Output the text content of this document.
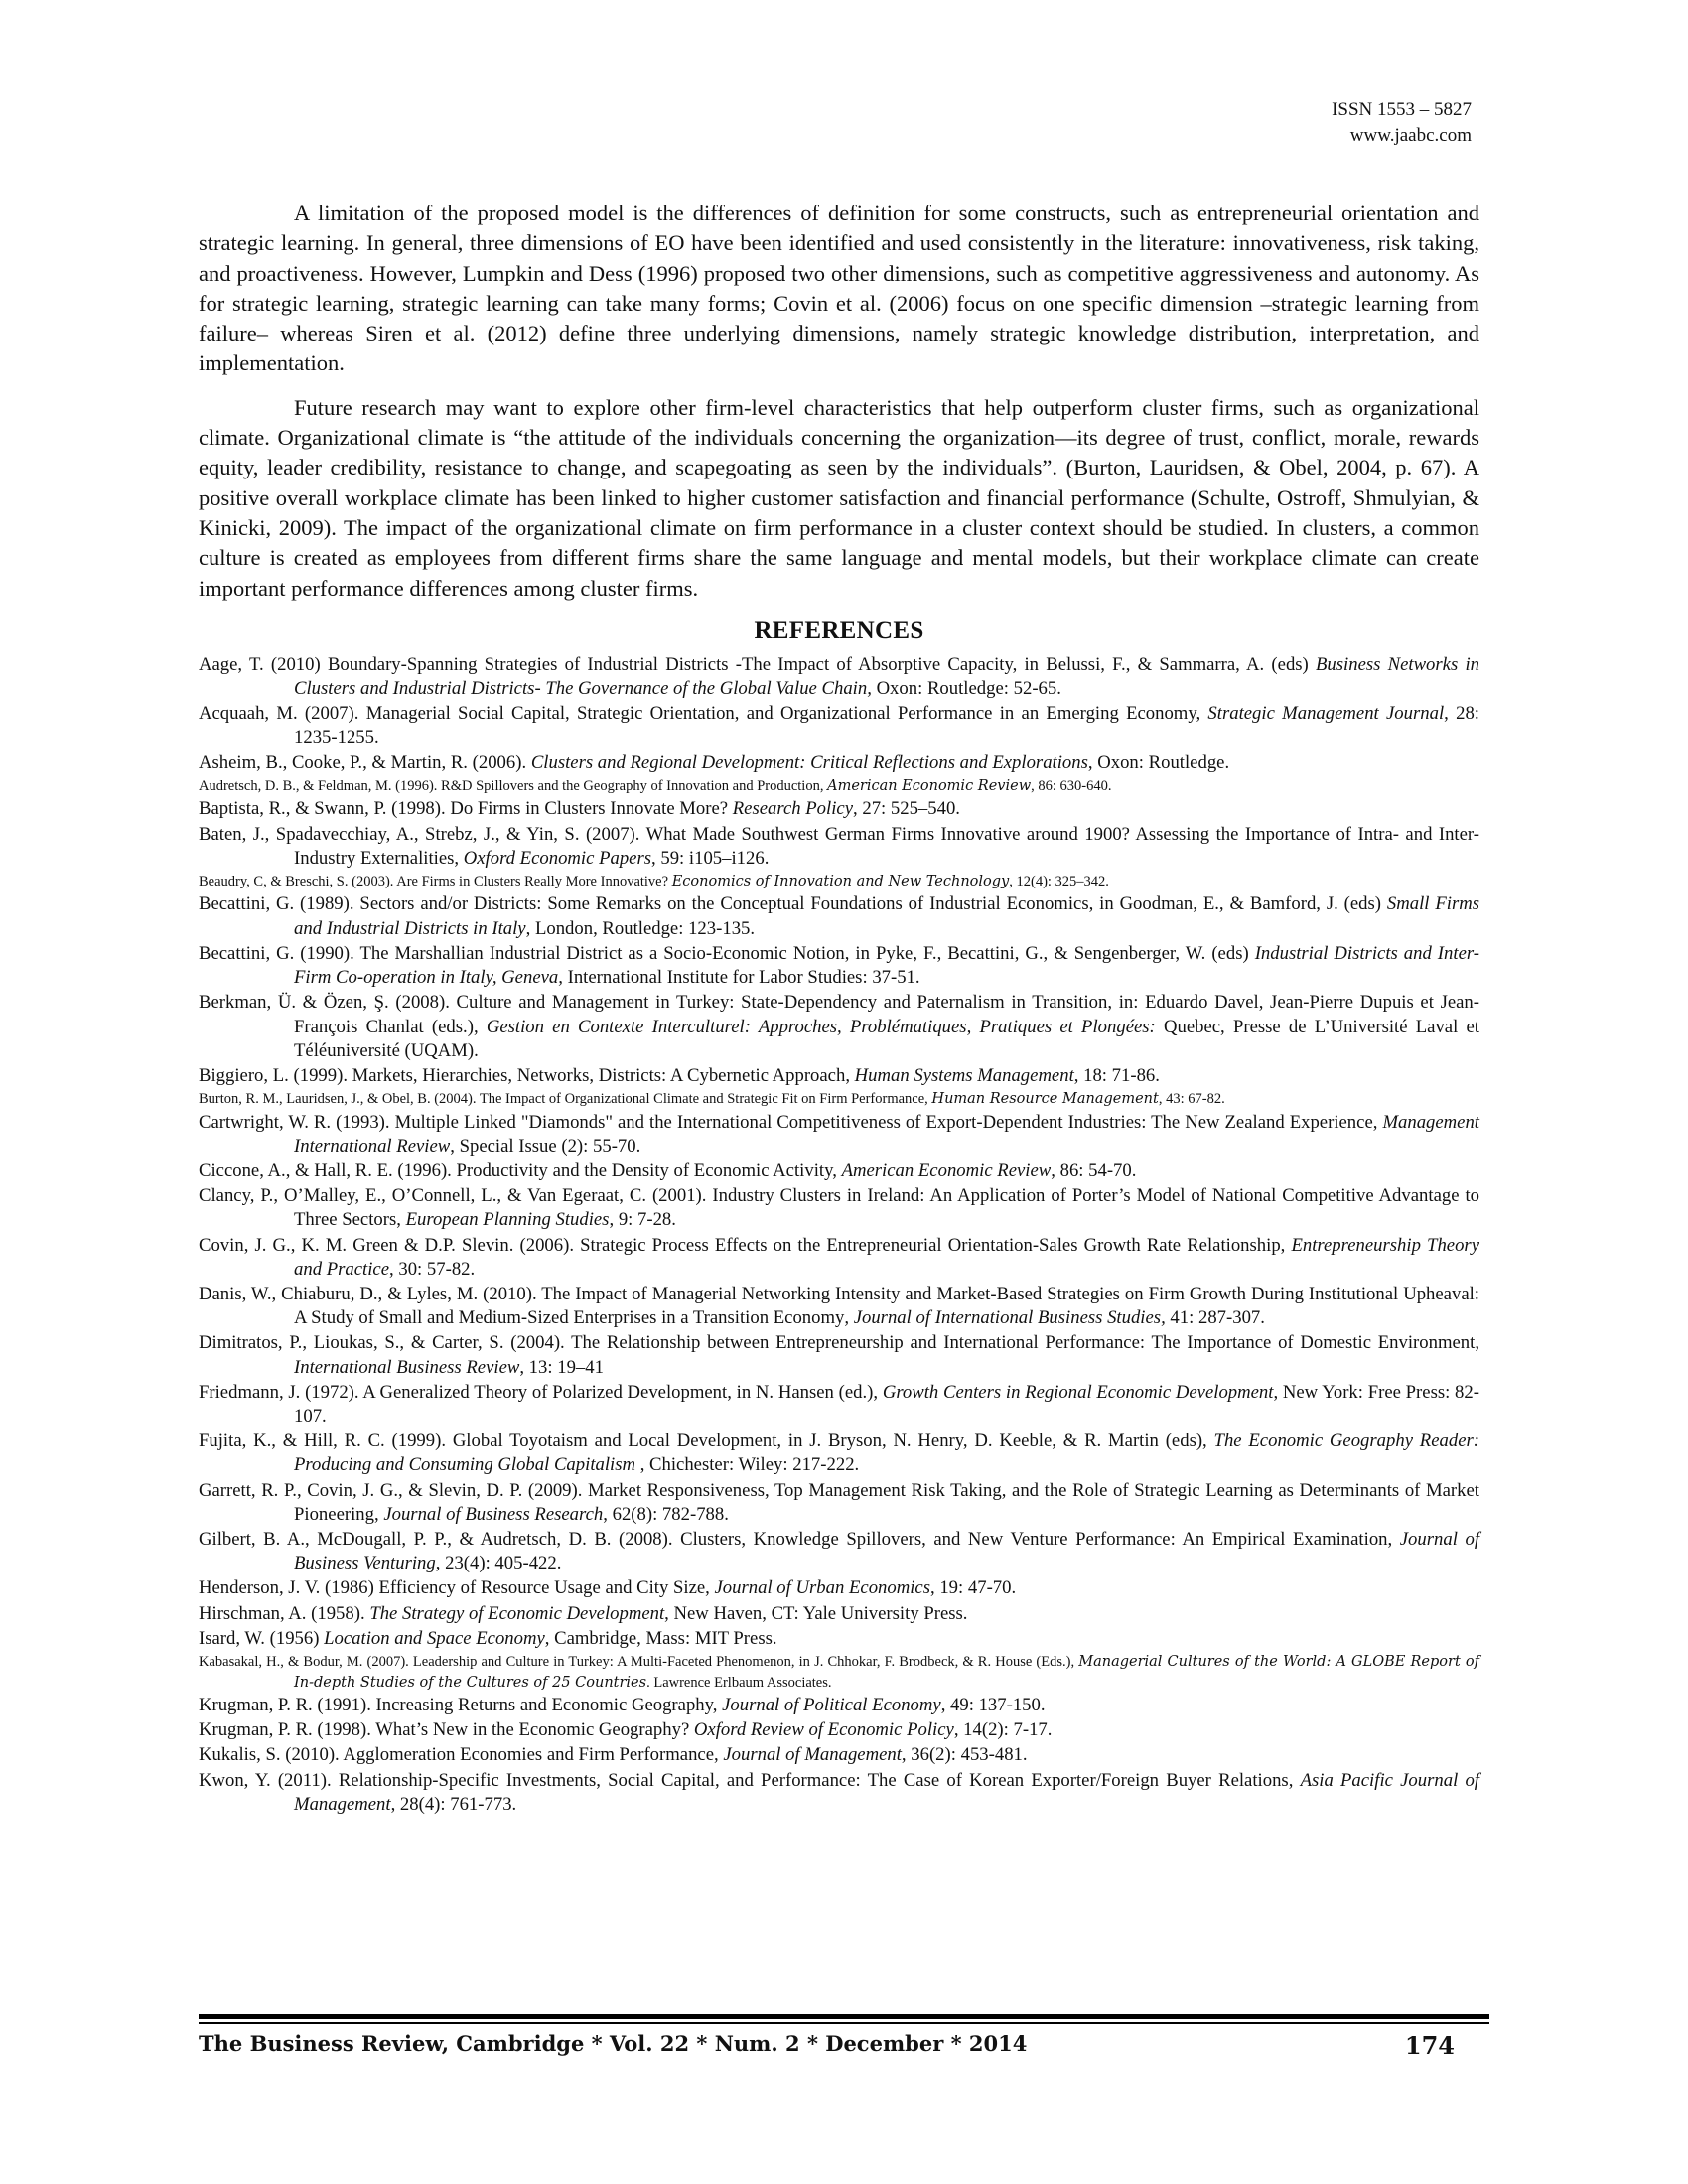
ISSN 1553 – 5827
www.jaabc.com

A limitation of the proposed model is the differences of definition for some constructs, such as entrepreneurial orientation and strategic learning. In general, three dimensions of EO have been identified and used consistently in the literature: innovativeness, risk taking, and proactiveness. However, Lumpkin and Dess (1996) proposed two other dimensions, such as competitive aggressiveness and autonomy. As for strategic learning, strategic learning can take many forms; Covin et al. (2006) focus on one specific dimension –strategic learning from failure– whereas Siren et al. (2012) define three underlying dimensions, namely strategic knowledge distribution, interpretation, and implementation.

Future research may want to explore other firm-level characteristics that help outperform cluster firms, such as organizational climate. Organizational climate is “the attitude of the individuals concerning the organization—its degree of trust, conflict, morale, rewards equity, leader credibility, resistance to change, and scapegoating as seen by the individuals”. (Burton, Lauridsen, & Obel, 2004, p. 67). A positive overall workplace climate has been linked to higher customer satisfaction and financial performance (Schulte, Ostroff, Shmulyian, & Kinicki, 2009). The impact of the organizational climate on firm performance in a cluster context should be studied. In clusters, a common culture is created as employees from different firms share the same language and mental models, but their workplace climate can create important performance differences among cluster firms.

REFERENCES

Aage, T. (2010) Boundary-Spanning Strategies of Industrial Districts -The Impact of Absorptive Capacity, in Belussi, F., & Sammarra, A. (eds) Business Networks in Clusters and Industrial Districts- The Governance of the Global Value Chain, Oxon: Routledge: 52-65.

Acquaah, M. (2007). Managerial Social Capital, Strategic Orientation, and Organizational Performance in an Emerging Economy, Strategic Management Journal, 28: 1235-1255.

Asheim, B., Cooke, P., & Martin, R. (2006). Clusters and Regional Development: Critical Reflections and Explorations, Oxon: Routledge.

Audretsch, D. B., & Feldman, M. (1996). R&D Spillovers and the Geography of Innovation and Production, American Economic Review, 86: 630-640.

Baptista, R., & Swann, P. (1998). Do Firms in Clusters Innovate More? Research Policy, 27: 525–540.

Baten, J., Spadavecchiay, A., Strebz, J., & Yin, S. (2007). What Made Southwest German Firms Innovative around 1900? Assessing the Importance of Intra- and Inter-Industry Externalities, Oxford Economic Papers, 59: i105–i126.

Beaudry, C, & Breschi, S. (2003). Are Firms in Clusters Really More Innovative? Economics of Innovation and New Technology, 12(4): 325–342.

Becattini, G. (1989). Sectors and/or Districts: Some Remarks on the Conceptual Foundations of Industrial Economics, in Goodman, E., & Bamford, J. (eds) Small Firms and Industrial Districts in Italy, London, Routledge: 123-135.

Becattini, G. (1990). The Marshallian Industrial District as a Socio-Economic Notion, in Pyke, F., Becattini, G., & Sengenberger, W. (eds) Industrial Districts and Inter-Firm Co-operation in Italy, Geneva, International Institute for Labor Studies: 37-51.

Berkman, Ü. & Özen, Ş. (2008). Culture and Management in Turkey: State-Dependency and Paternalism in Transition, in: Eduardo Davel, Jean-Pierre Dupuis et Jean-François Chanlat (eds.), Gestion en Contexte Interculturel: Approches, Problématiques, Pratiques et Plongées: Quebec, Presse de L’Université Laval et Téléuniversité (UQAM).

Biggiero, L. (1999). Markets, Hierarchies, Networks, Districts: A Cybernetic Approach, Human Systems Management, 18: 71-86.

Burton, R. M., Lauridsen, J., & Obel, B. (2004). The Impact of Organizational Climate and Strategic Fit on Firm Performance, Human Resource Management, 43: 67-82.

Cartwright, W. R. (1993). Multiple Linked "Diamonds" and the International Competitiveness of Export-Dependent Industries: The New Zealand Experience, Management International Review, Special Issue (2): 55-70.

Ciccone, A., & Hall, R. E. (1996). Productivity and the Density of Economic Activity, American Economic Review, 86: 54-70.

Clancy, P., O’Malley, E., O’Connell, L., & Van Egeraat, C. (2001). Industry Clusters in Ireland: An Application of Porter’s Model of National Competitive Advantage to Three Sectors, European Planning Studies, 9: 7-28.

Covin, J. G., K. M. Green & D.P. Slevin. (2006). Strategic Process Effects on the Entrepreneurial Orientation-Sales Growth Rate Relationship, Entrepreneurship Theory and Practice, 30: 57-82.

Danis, W., Chiaburu, D., & Lyles, M. (2010). The Impact of Managerial Networking Intensity and Market-Based Strategies on Firm Growth During Institutional Upheaval: A Study of Small and Medium-Sized Enterprises in a Transition Economy, Journal of International Business Studies, 41: 287-307.

Dimitratos, P., Lioukas, S., & Carter, S. (2004). The Relationship between Entrepreneurship and International Performance: The Importance of Domestic Environment, International Business Review, 13: 19–41

Friedmann, J. (1972). A Generalized Theory of Polarized Development, in N. Hansen (ed.), Growth Centers in Regional Economic Development, New York: Free Press: 82-107.

Fujita, K., & Hill, R. C. (1999). Global Toyotaism and Local Development, in J. Bryson, N. Henry, D. Keeble, & R. Martin (eds), The Economic Geography Reader: Producing and Consuming Global Capitalism , Chichester: Wiley: 217-222.

Garrett, R. P., Covin, J. G., & Slevin, D. P. (2009). Market Responsiveness, Top Management Risk Taking, and the Role of Strategic Learning as Determinants of Market Pioneering, Journal of Business Research, 62(8): 782-788.

Gilbert, B. A., McDougall, P. P., & Audretsch, D. B. (2008). Clusters, Knowledge Spillovers, and New Venture Performance: An Empirical Examination, Journal of Business Venturing, 23(4): 405-422.

Henderson, J. V. (1986) Efficiency of Resource Usage and City Size, Journal of Urban Economics, 19: 47-70.

Hirschman, A. (1958). The Strategy of Economic Development, New Haven, CT: Yale University Press.

Isard, W. (1956) Location and Space Economy, Cambridge, Mass: MIT Press.

Kabasakal, H., & Bodur, M. (2007). Leadership and Culture in Turkey: A Multi-Faceted Phenomenon, in J. Chhokar, F. Brodbeck, & R. House (Eds.), Managerial Cultures of the World: A GLOBE Report of In-depth Studies of the Cultures of 25 Countries. Lawrence Erlbaum Associates.

Krugman, P. R. (1991). Increasing Returns and Economic Geography, Journal of Political Economy, 49: 137-150.

Krugman, P. R. (1998). What’s New in the Economic Geography? Oxford Review of Economic Policy, 14(2): 7-17.

Kukalis, S. (2010). Agglomeration Economies and Firm Performance, Journal of Management, 36(2): 453-481.

Kwon, Y. (2011). Relationship-Specific Investments, Social Capital, and Performance: The Case of Korean Exporter/Foreign Buyer Relations, Asia Pacific Journal of Management, 28(4): 761-773.

The Business Review, Cambridge * Vol. 22 * Num. 2 * December * 2014	174
